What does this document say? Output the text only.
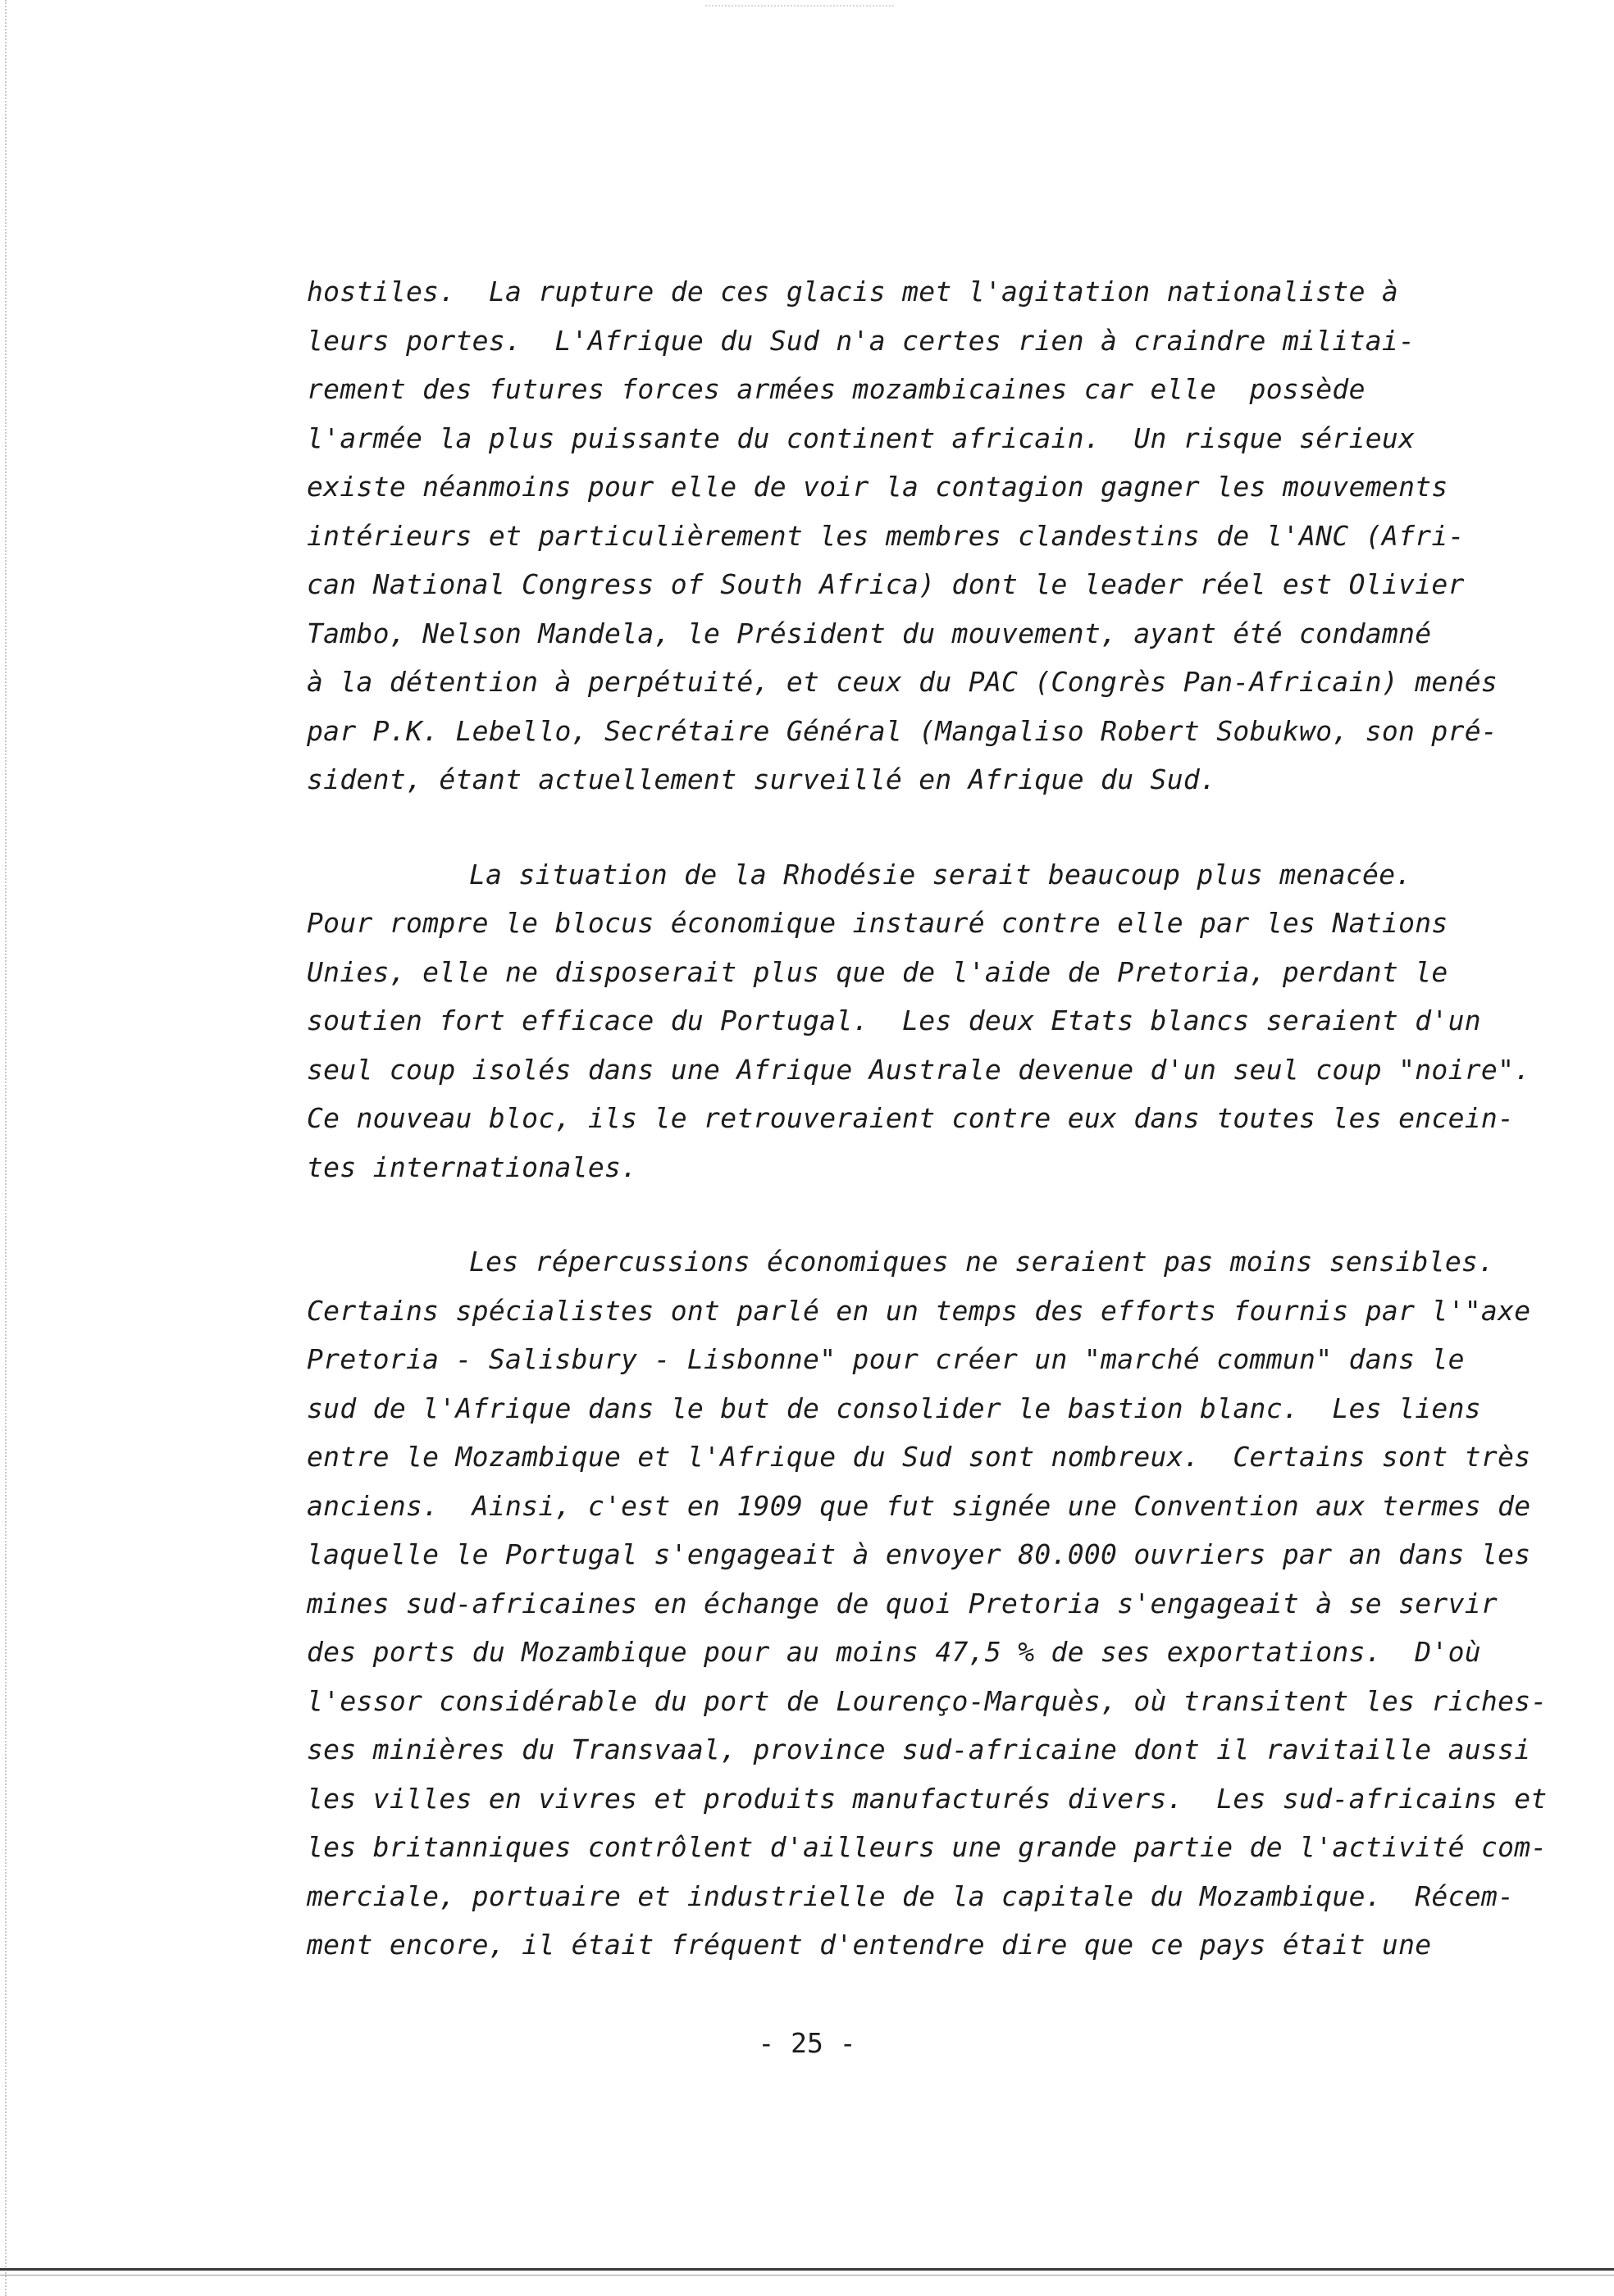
hostiles.  La rupture de ces glacis met l'agitation nationaliste à
leurs portes.  L'Afrique du Sud n'a certes rien à craindre militai-
rement des futures forces armées mozambicaines car elle  possède
l'armée la plus puissante du continent africain.  Un risque sérieux
existe néanmoins pour elle de voir la contagion gagner les mouvements
intérieurs et particulièrement les membres clandestins de l'ANC (Afri-
can National Congress of South Africa) dont le leader réel est Olivier
Tambo, Nelson Mandela, le Président du mouvement, ayant été condamné
à la détention à perpétuité, et ceux du PAC (Congrès Pan-Africain) menés
par P.K. Lebello, Secrétaire Général (Mangaliso Robert Sobukwo, son pré-
sident, étant actuellement surveillé en Afrique du Sud.
La situation de la Rhodésie serait beaucoup plus menacée.
Pour rompre le blocus économique instauré contre elle par les Nations
Unies, elle ne disposerait plus que de l'aide de Pretoria, perdant le
soutien fort efficace du Portugal.  Les deux Etats blancs seraient d'un
seul coup isolés dans une Afrique Australe devenue d'un seul coup "noire".
Ce nouveau bloc, ils le retrouveraient contre eux dans toutes les encein-
tes internationales.
Les répercussions économiques ne seraient pas moins sensibles.
Certains spécialistes ont parlé en un temps des efforts fournis par l'"axe
Pretoria - Salisbury - Lisbonne" pour créer un "marché commun" dans le
sud de l'Afrique dans le but de consolider le bastion blanc.  Les liens
entre le Mozambique et l'Afrique du Sud sont nombreux.  Certains sont très
anciens.  Ainsi, c'est en 1909 que fut signée une Convention aux termes de
laquelle le Portugal s'engageait à envoyer 80.000 ouvriers par an dans les
mines sud-africaines en échange de quoi Pretoria s'engageait à se servir
des ports du Mozambique pour au moins 47,5 % de ses exportations.  D'où
l'essor considérable du port de Lourenço-Marquès, où transitent les riches-
ses minières du Transvaal, province sud-africaine dont il ravitaille aussi
les villes en vivres et produits manufacturés divers.  Les sud-africains et
les britanniques contrôlent d'ailleurs une grande partie de l'activité com-
merciale, portuaire et industrielle de la capitale du Mozambique.  Récem-
ment encore, il était fréquent d'entendre dire que ce pays était une
- 25 -
